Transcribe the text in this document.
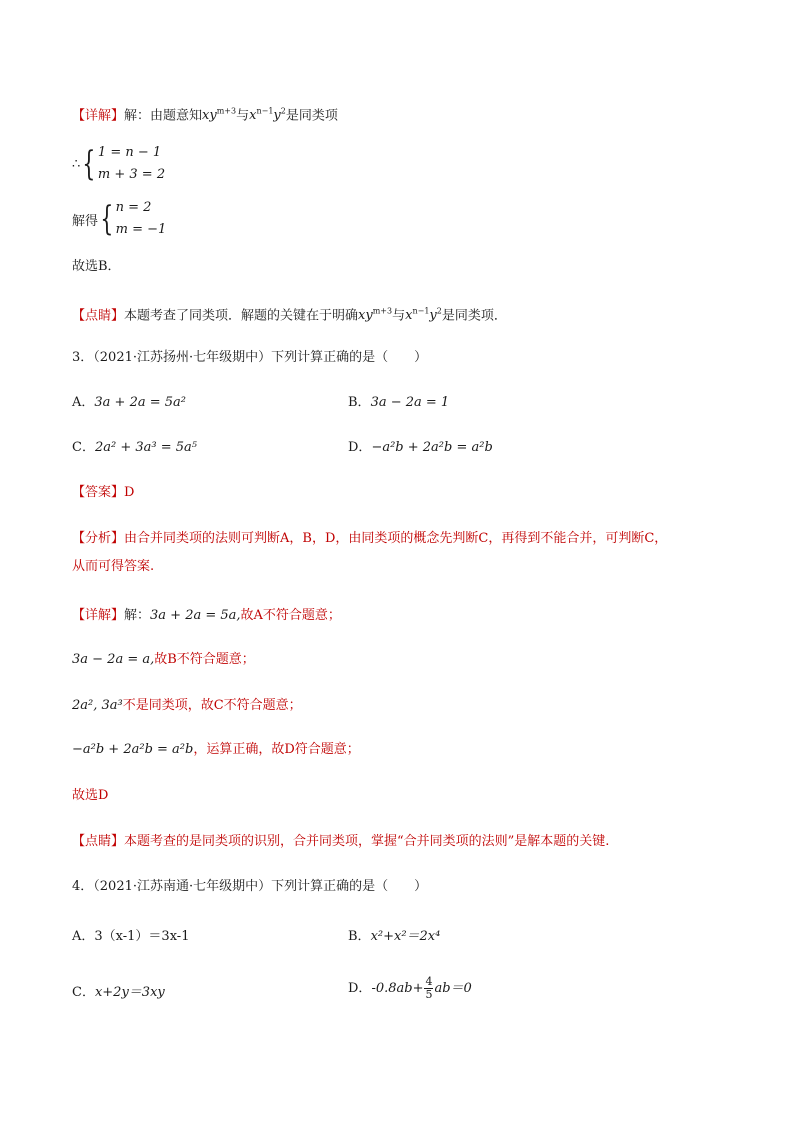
【详解】解：由题意知$xy^{m+3}$与$x^{n-1}y^2$是同类项
∴ { 1 = n − 1
m + 3 = 2
解得 { n = 2
m = −1
故选B．
【点睛】本题考查了同类项．解题的关键在于明确$xy^{m+3}$与$x^{n-1}y^2$是同类项．
3．（2021·江苏扬州·七年级期中）下列计算正确的是（　　）
A．3a + 2a = 5a²	B．3a − 2a = 1
C．2a² + 3a³ = 5a⁵	D．−a²b + 2a²b = a²b
【答案】D
【分析】由合并同类项的法则可判断A，B，D，由同类项的概念先判断C，再得到不能合并，可判断C，
从而可得答案.
【详解】解：3a + 2a = 5a,故A不符合题意；
3a − 2a = a,故B不符合题意；
2a², 3a³不是同类项，故C不符合题意；
−a²b + 2a²b = a²b，运算正确，故D符合题意；
故选D
【点睛】本题考查的是同类项的识别，合并同类项，掌握“合并同类项的法则”是解本题的关键.
4．（2021·江苏南通·七年级期中）下列计算正确的是（　　）
A．3（x-1）＝3x-1	B．x²+x²＝2x⁴
C．x+2y＝3xy	D．$-0.8ab+ \frac{4}{5} ab=0$
